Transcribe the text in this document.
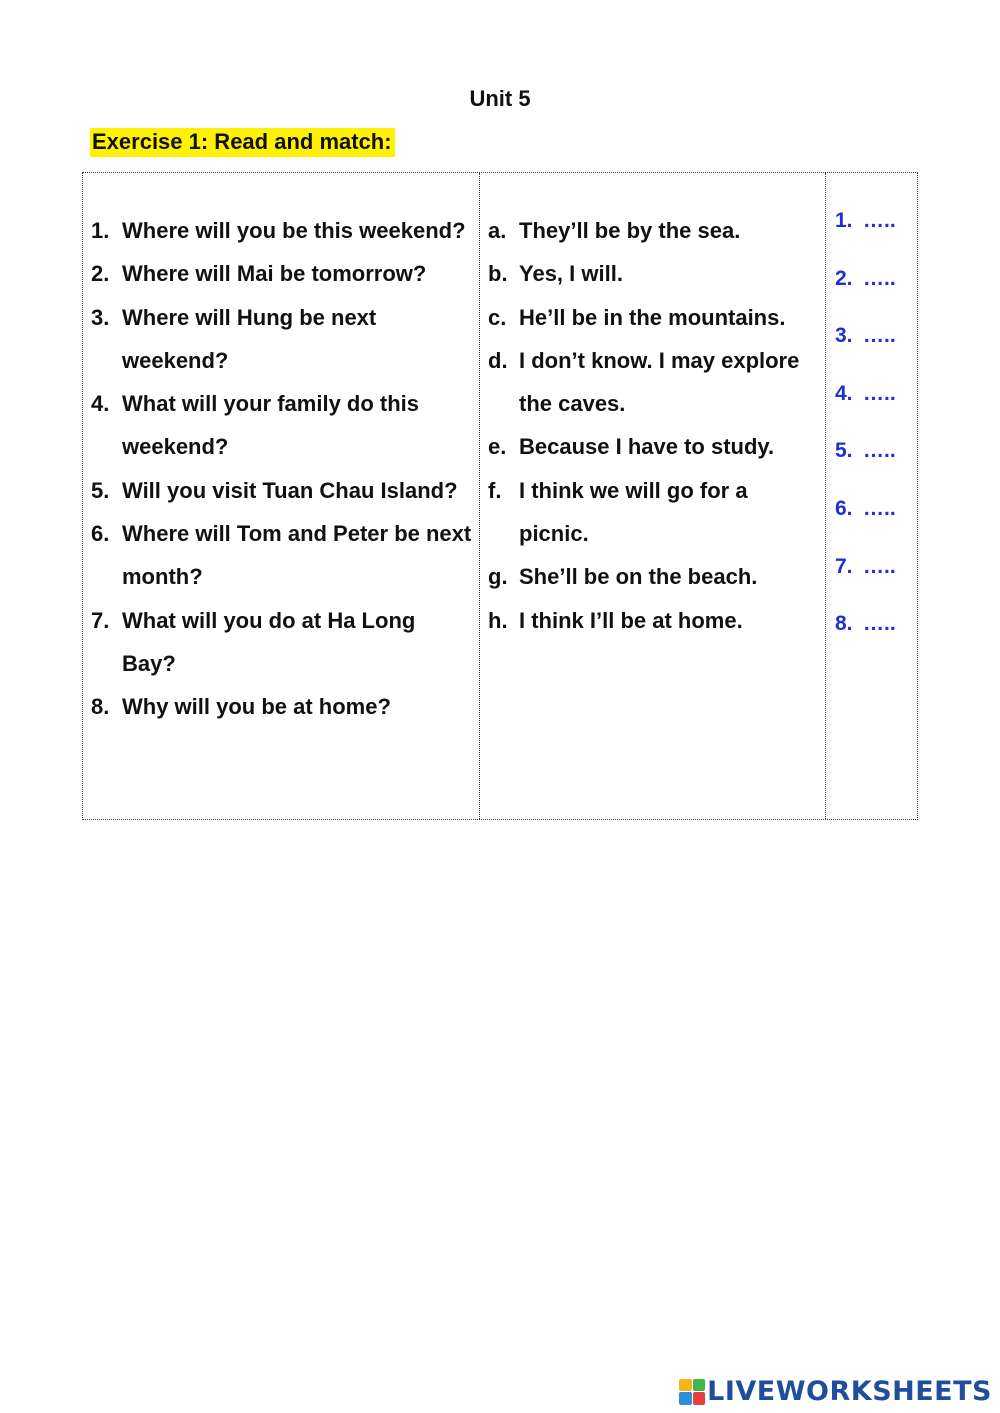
Unit 5
Exercise 1: Read and match:
1. Where will you be this weekend?
2. Where will Mai be tomorrow?
3. Where will Hung be next weekend?
4. What will your family do this weekend?
5. Will you visit Tuan Chau Island?
6. Where will Tom and Peter be next month?
7. What will you do at Ha Long Bay?
8. Why will you be at home?
a. They’ll be by the sea.
b. Yes, I will.
c. He’ll be in the mountains.
d. I don’t know. I may explore the caves.
e. Because I have to study.
f. I think we will go for a picnic.
g. She’ll be on the beach.
h. I think I’ll be at home.
1. …..
2. …..
3. …..
4. …..
5. …..
6. …..
7. …..
8. …..
LIVEWORKSHEETS
